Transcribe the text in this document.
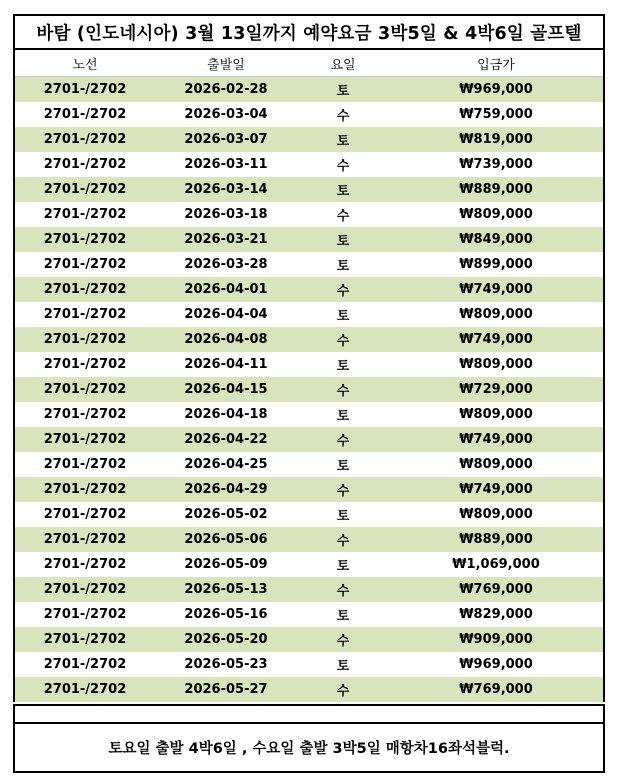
바탐 (인도네시아) 3월 13일까지 예약요금 3박5일 & 4박6일 골프텔
노선	출발일	요일	입금가
2701-/2702	2026-02-28	토	₩969,000
2701-/2702	2026-03-04	수	₩759,000
2701-/2702	2026-03-07	토	₩819,000
2701-/2702	2026-03-11	수	₩739,000
2701-/2702	2026-03-14	토	₩889,000
2701-/2702	2026-03-18	수	₩809,000
2701-/2702	2026-03-21	토	₩849,000
2701-/2702	2026-03-28	토	₩899,000
2701-/2702	2026-04-01	수	₩749,000
2701-/2702	2026-04-04	토	₩809,000
2701-/2702	2026-04-08	수	₩749,000
2701-/2702	2026-04-11	토	₩809,000
2701-/2702	2026-04-15	수	₩729,000
2701-/2702	2026-04-18	토	₩809,000
2701-/2702	2026-04-22	수	₩749,000
2701-/2702	2026-04-25	토	₩809,000
2701-/2702	2026-04-29	수	₩749,000
2701-/2702	2026-05-02	토	₩809,000
2701-/2702	2026-05-06	수	₩889,000
2701-/2702	2026-05-09	토	₩1,069,000
2701-/2702	2026-05-13	수	₩769,000
2701-/2702	2026-05-16	토	₩829,000
2701-/2702	2026-05-20	수	₩909,000
2701-/2702	2026-05-23	토	₩969,000
2701-/2702	2026-05-27	수	₩769,000
토요일 출발 4박6일 , 수요일 출발 3박5일 매항차16좌석블럭.
